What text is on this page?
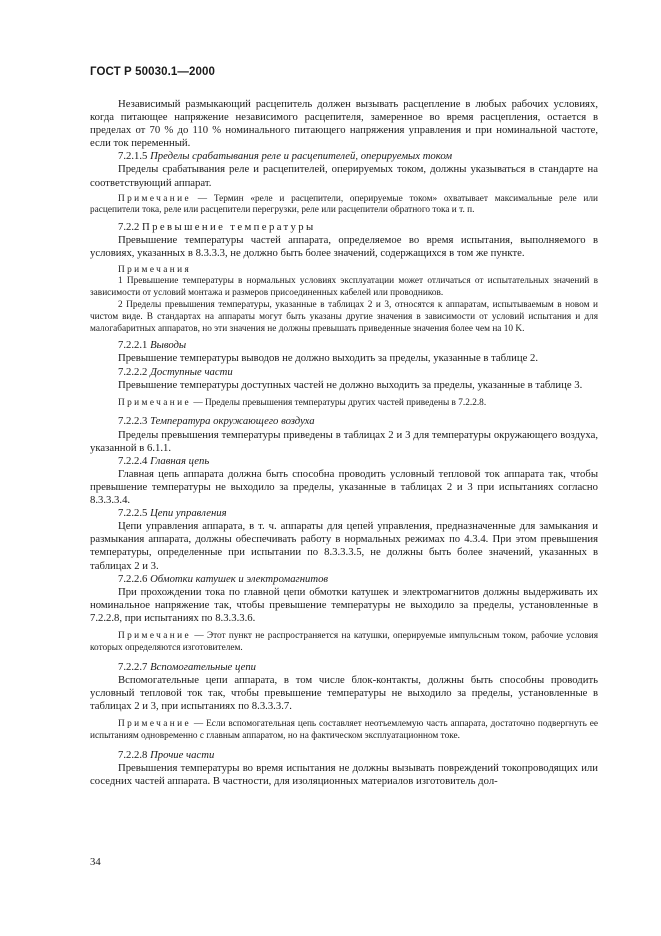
ГОСТ Р 50030.1—2000

Независимый размыкающий расцепитель должен вызывать расцепление в любых рабочих условиях, когда питающее напряжение независимого расцепителя, замеренное во время расцепления, остается в пределах от 70 % до 110 % номинального питающего напряжения управления и при номинальной частоте, если ток переменный.

7.2.1.5 Пределы срабатывания реле и расцепителей, оперируемых током

Пределы срабатывания реле и расцепителей, оперируемых током, должны указываться в стандарте на соответствующий аппарат.

Примечание — Термин «реле и расцепители, оперируемые током» охватывает максимальные реле или расцепители тока, реле или расцепители перегрузки, реле или расцепители обратного тока и т. п.

7.2.2 Превышение температуры

Превышение температуры частей аппарата, определяемое во время испытания, выполняемого в условиях, указанных в 8.3.3.3, не должно быть более значений, содержащихся в том же пункте.

Примечания

1 Превышение температуры в нормальных условиях эксплуатации может отличаться от испытательных значений в зависимости от условий монтажа и размеров присоединенных кабелей или проводников.

2 Пределы превышения температуры, указанные в таблицах 2 и 3, относятся к аппаратам, испытываемым в новом и чистом виде. В стандартах на аппараты могут быть указаны другие значения в зависимости от условий испытания и для малогабаритных аппаратов, но эти значения не должны превышать приведенные значения более чем на 10 K.

7.2.2.1 Выводы

Превышение температуры выводов не должно выходить за пределы, указанные в таблице 2.

7.2.2.2 Доступные части

Превышение температуры доступных частей не должно выходить за пределы, указанные в таблице 3.

Примечание — Пределы превышения температуры других частей приведены в 7.2.2.8.

7.2.2.3 Температура окружающего воздуха

Пределы превышения температуры приведены в таблицах 2 и 3 для температуры окружающего воздуха, указанной в 6.1.1.

7.2.2.4 Главная цепь

Главная цепь аппарата должна быть способна проводить условный тепловой ток аппарата так, чтобы превышение температуры не выходило за пределы, указанные в таблицах 2 и 3 при испытаниях согласно 8.3.3.3.4.

7.2.2.5 Цепи управления

Цепи управления аппарата, в т. ч. аппараты для цепей управления, предназначенные для замыкания и размыкания аппарата, должны обеспечивать работу в нормальных режимах по 4.3.4. При этом превышения температуры, определенные при испытании по 8.3.3.3.5, не должны быть более значений, указанных в таблицах 2 и 3.

7.2.2.6 Обмотки катушек и электромагнитов

При прохождении тока по главной цепи обмотки катушек и электромагнитов должны выдерживать их номинальное напряжение так, чтобы превышение температуры не выходило за пределы, установленные в 7.2.2.8, при испытаниях по 8.3.3.3.6.

Примечание — Этот пункт не распространяется на катушки, оперируемые импульсным током, рабочие условия которых определяются изготовителем.

7.2.2.7 Вспомогательные цепи

Вспомогательные цепи аппарата, в том числе блок-контакты, должны быть способны проводить условный тепловой ток так, чтобы превышение температуры не выходило за пределы, установленные в таблицах 2 и 3, при испытаниях по 8.3.3.3.7.

Примечание — Если вспомогательная цепь составляет неотъемлемую часть аппарата, достаточно подвергнуть ее испытаниям одновременно с главным аппаратом, но на фактическом эксплуатационном токе.

7.2.2.8 Прочие части

Превышения температуры во время испытания не должны вызывать повреждений токопроводящих или соседних частей аппарата. В частности, для изоляционных материалов изготовитель дол-

34
